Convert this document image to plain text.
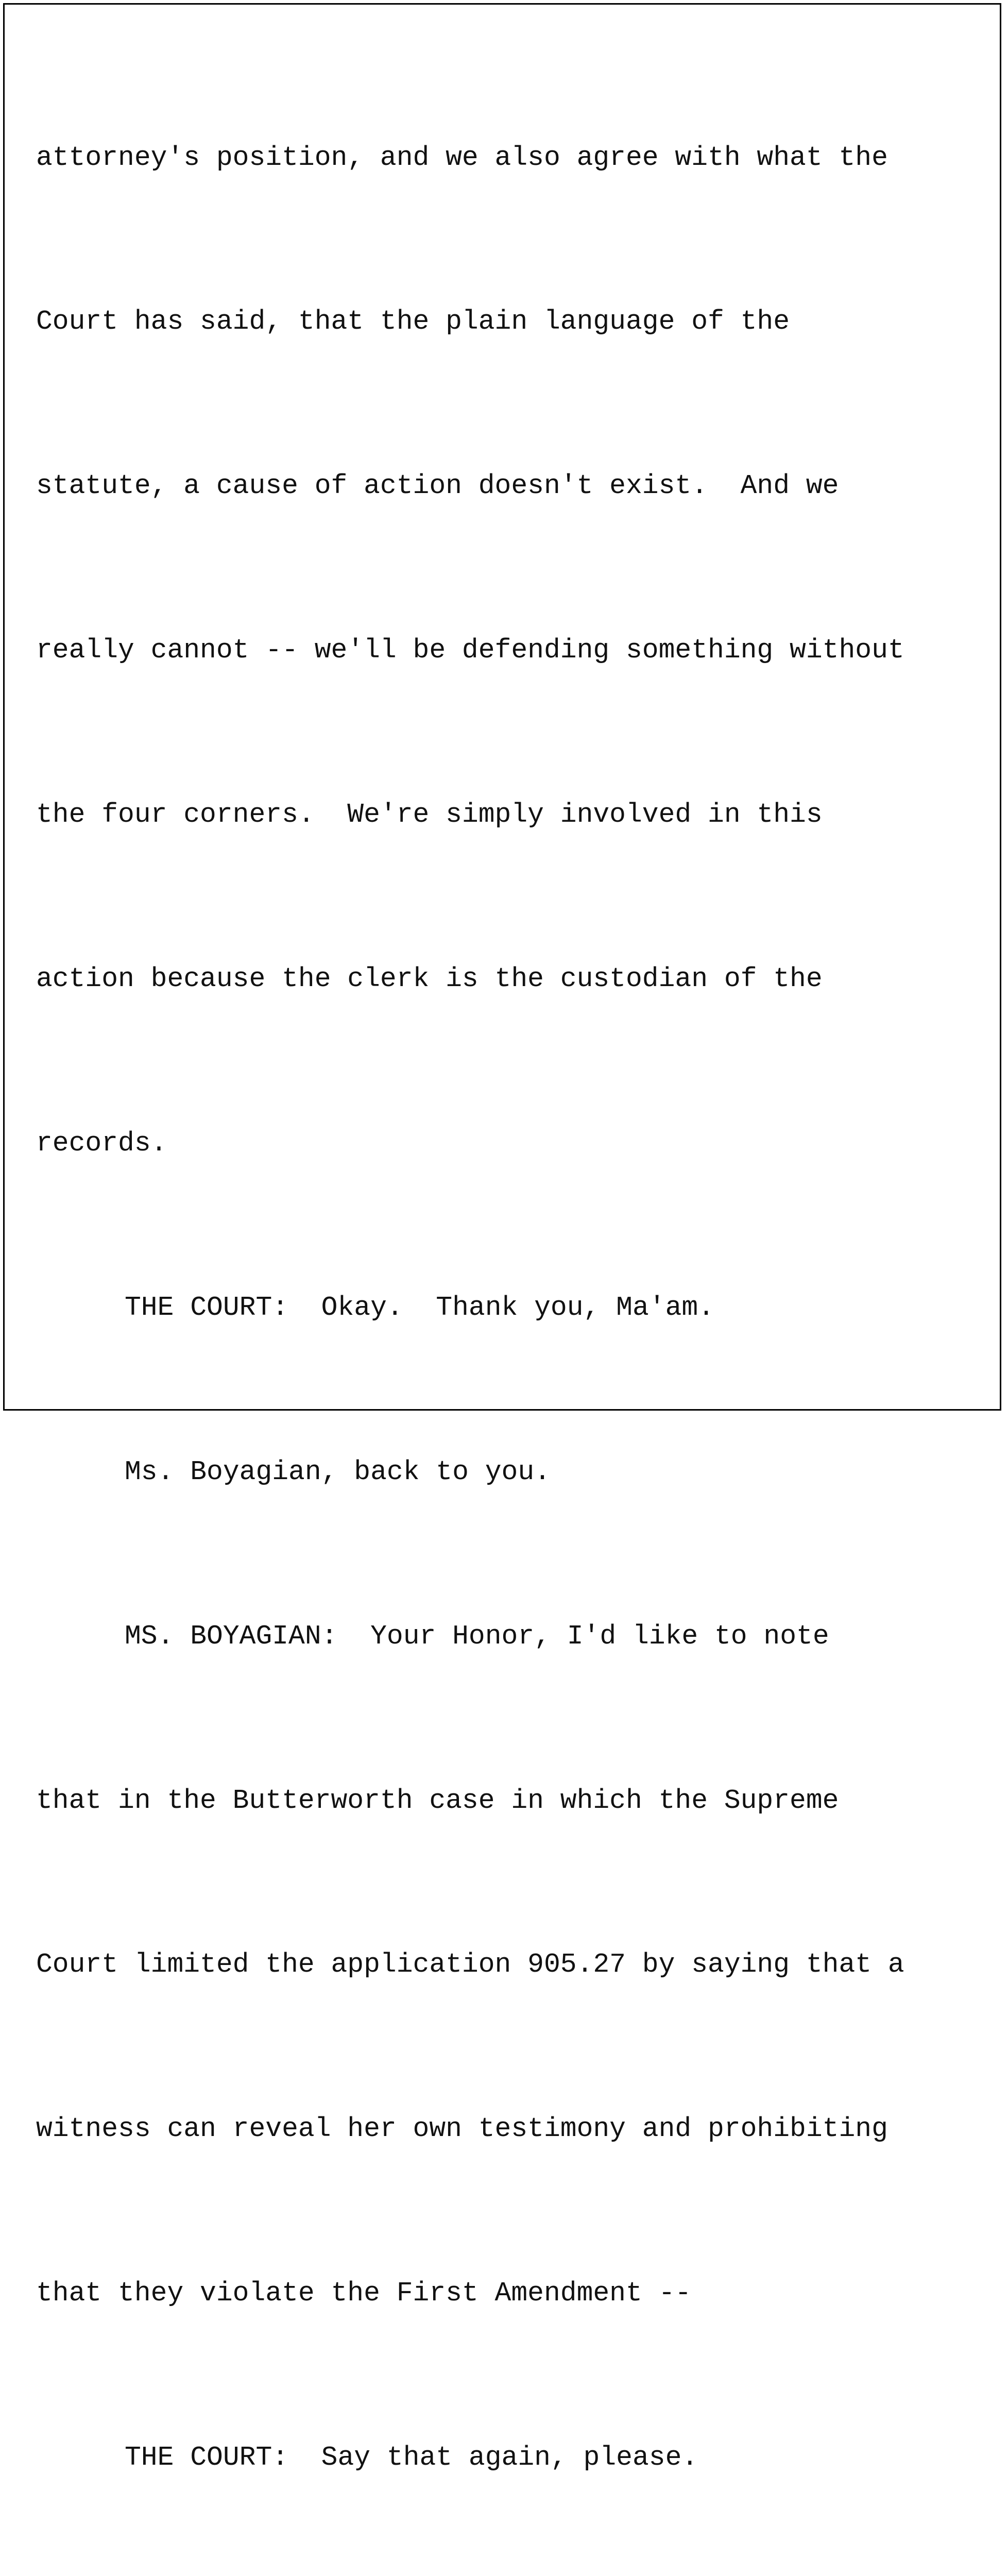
attorney's position, and we also agree with what the

Court has said, that the plain language of the

statute, a cause of action doesn't exist.  And we

really cannot -- we'll be defending something without

the four corners.  We're simply involved in this

action because the clerk is the custodian of the

records.

THE COURT:  Okay.  Thank you, Ma'am.

Ms. Boyagian, back to you.

MS. BOYAGIAN:  Your Honor, I'd like to note

that in the Butterworth case in which the Supreme

Court limited the application 905.27 by saying that a

witness can reveal her own testimony and prohibiting

that they violate the First Amendment --

THE COURT:  Say that again, please.
